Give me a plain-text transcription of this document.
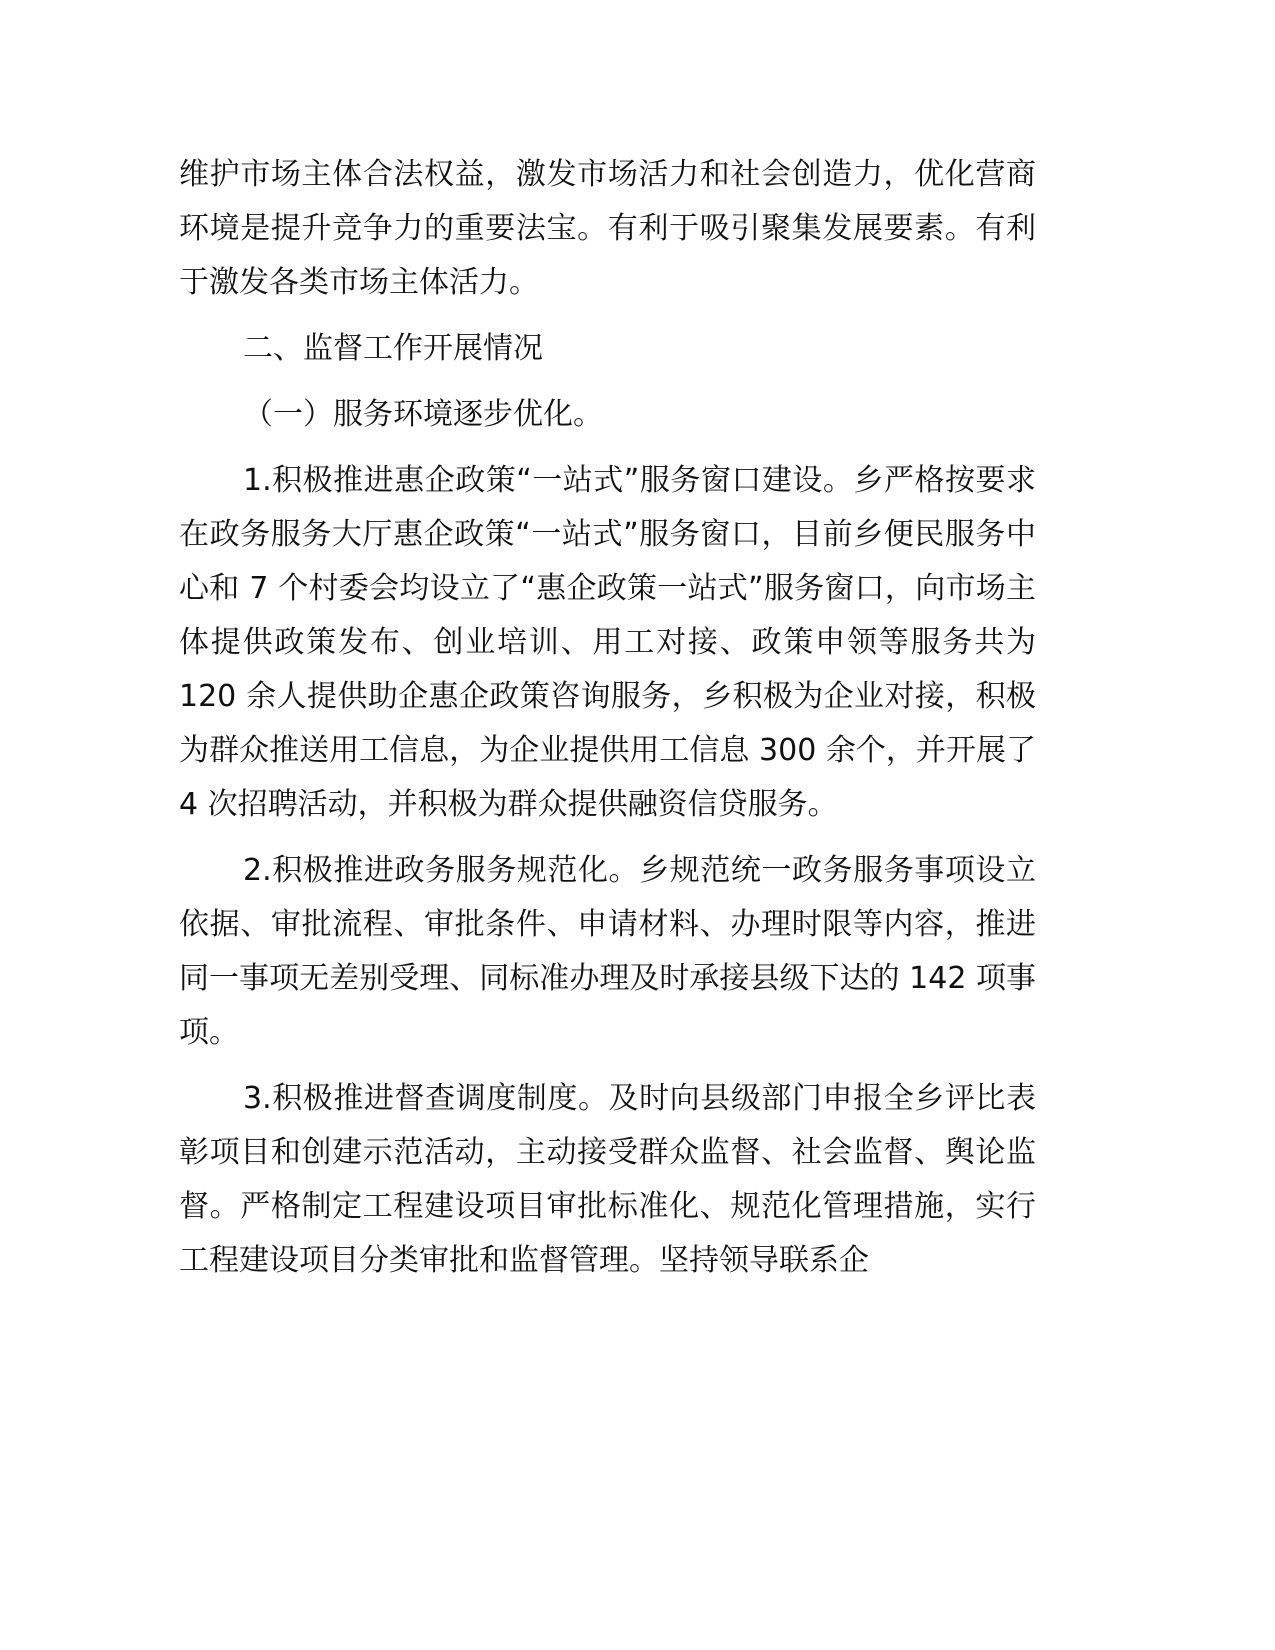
维护市场主体合法权益，激发市场活力和社会创造力，优化营商环境是提升竞争力的重要法宝。有利于吸引聚集发展要素。有利于激发各类市场主体活力。

二、监督工作开展情况

（一）服务环境逐步优化。

1.积极推进惠企政策“一站式”服务窗口建设。乡严格按要求在政务服务大厅惠企政策“一站式”服务窗口，目前乡便民服务中心和 7 个村委会均设立了“惠企政策一站式”服务窗口，向市场主体提供政策发布、创业培训、用工对接、政策申领等服务共为 120 余人提供助企惠企政策咨询服务，乡积极为企业对接，积极为群众推送用工信息，为企业提供用工信息 300 余个，并开展了 4 次招聘活动，并积极为群众提供融资信贷服务。

2.积极推进政务服务规范化。乡规范统一政务服务事项设立依据、审批流程、审批条件、申请材料、办理时限等内容，推进同一事项无差别受理、同标准办理及时承接县级下达的 142 项事项。

3.积极推进督查调度制度。及时向县级部门申报全乡评比表彰项目和创建示范活动，主动接受群众监督、社会监督、舆论监督。严格制定工程建设项目审批标准化、规范化管理措施，实行工程建设项目分类审批和监督管理。坚持领导联系企
